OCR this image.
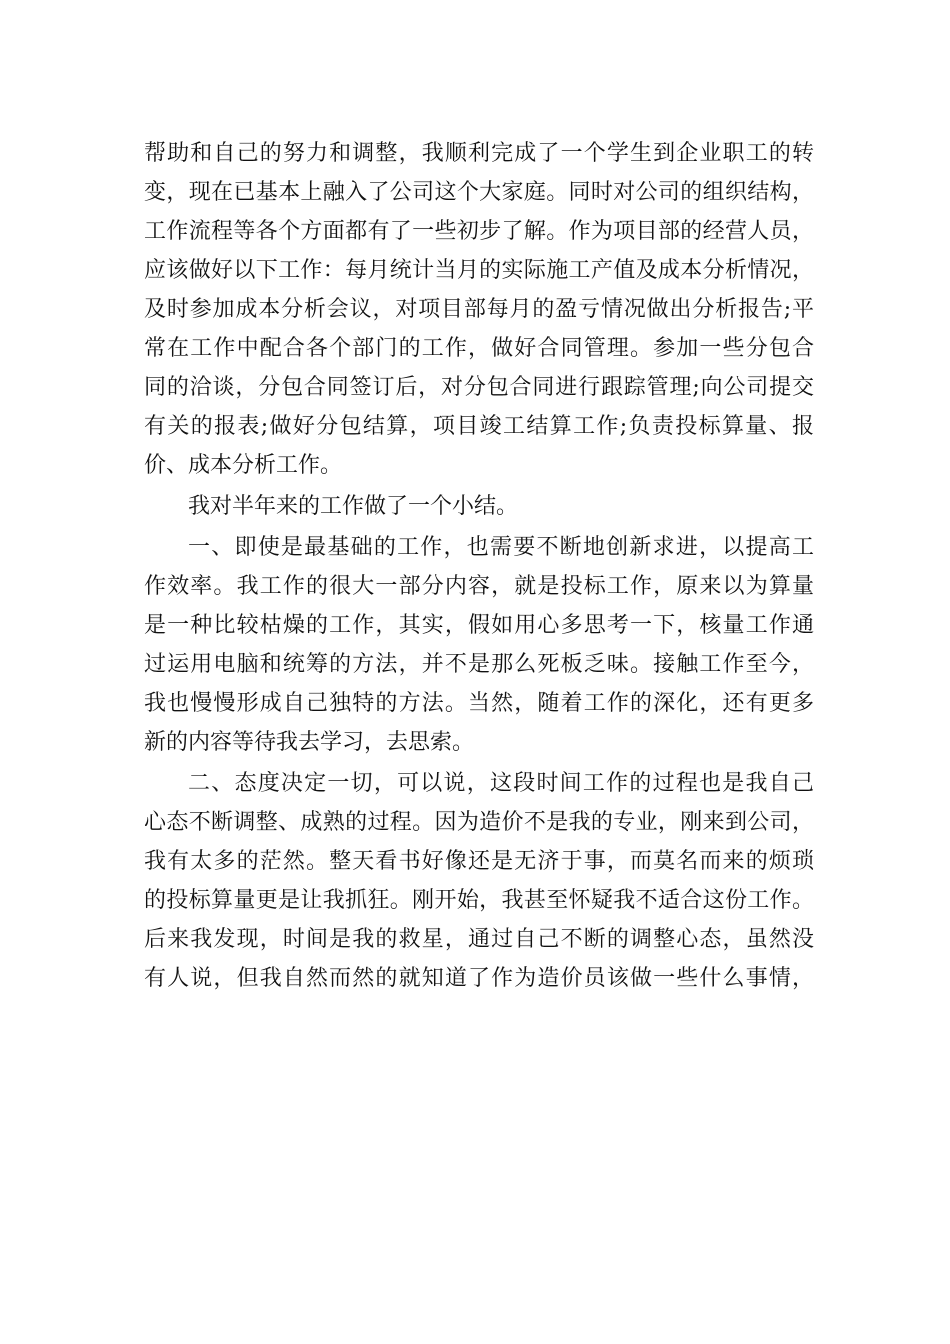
帮助和自己的努力和调整，我顺利完成了一个学生到企业职工的转
变，现在已基本上融入了公司这个大家庭。同时对公司的组织结构，
工作流程等各个方面都有了一些初步了解。作为项目部的经营人员，
应该做好以下工作：每月统计当月的实际施工产值及成本分析情况，
及时参加成本分析会议，对项目部每月的盈亏情况做出分析报告;平
常在工作中配合各个部门的工作，做好合同管理。参加一些分包合
同的洽谈，分包合同签订后，对分包合同进行跟踪管理;向公司提交
有关的报表;做好分包结算，项目竣工结算工作;负责投标算量、报
价、成本分析工作。
我对半年来的工作做了一个小结。
一、即使是最基础的工作，也需要不断地创新求进，以提高工
作效率。我工作的很大一部分内容，就是投标工作，原来以为算量
是一种比较枯燥的工作，其实，假如用心多思考一下，核量工作通
过运用电脑和统筹的方法，并不是那么死板乏味。接触工作至今，
我也慢慢形成自己独特的方法。当然，随着工作的深化，还有更多
新的内容等待我去学习，去思索。
二、态度决定一切，可以说，这段时间工作的过程也是我自己
心态不断调整、成熟的过程。因为造价不是我的专业，刚来到公司，
我有太多的茫然。整天看书好像还是无济于事，而莫名而来的烦琐
的投标算量更是让我抓狂。刚开始，我甚至怀疑我不适合这份工作。
后来我发现，时间是我的救星，通过自己不断的调整心态，虽然没
有人说，但我自然而然的就知道了作为造价员该做一些什么事情，
